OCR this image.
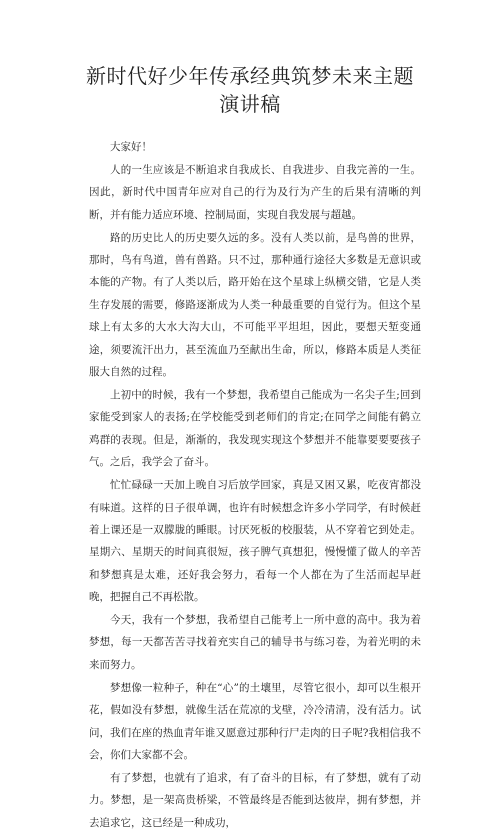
新时代好少年传承经典筑梦未来主题
演讲稿

大家好！

人的一生应该是不断追求自我成长、自我进步、自我完善的一生。因此，新时代中国青年应对自己的行为及行为产生的后果有清晰的判断，并有能力适应环境、控制局面，实现自我发展与超越。

路的历史比人的历史要久远的多。没有人类以前，是鸟兽的世界，那时，鸟有鸟道，兽有兽路。只不过，那种通行途径大多数是无意识或本能的产物。有了人类以后，路开始在这个星球上纵横交错，它是人类生存发展的需要，修路逐渐成为人类一种最重要的自觉行为。但这个星球上有太多的大水大沟大山，不可能平平坦坦，因此，要想天堑变通途，须要流汗出力，甚至流血乃至献出生命，所以，修路本质是人类征服大自然的过程。

上初中的时候，我有一个梦想，我希望自己能成为一名尖子生;回到家能受到家人的表扬;在学校能受到老师们的肯定;在同学之间能有鹤立鸡群的表现。但是，渐渐的，我发现实现这个梦想并不能靠要要要孩子气。之后，我学会了奋斗。

忙忙碌碌一天加上晚自习后放学回家，真是又困又累，吃夜宵都没有味道。这样的日子很单调，也许有时候想念许多小学同学，有时候赶着上课还是一双朦胧的睡眼。讨厌死板的校服装，从不穿着它到处走。星期六、星期天的时间真很短，孩子脾气真想犯，慢慢懂了做人的辛苦和梦想真是太难，还好我会努力，看每一个人都在为了生活而起早赶晚，把握自己不再松散。

今天，我有一个梦想，我希望自己能考上一所中意的高中。我为着梦想，每一天都苦苦寻找着充实自己的辅导书与练习卷，为着光明的未来而努力。

梦想像一粒种子，种在“心”的土壤里，尽管它很小，却可以生根开花，假如没有梦想，就像生活在荒凉的戈壁，冷冷清清，没有活力。试问，我们在座的热血青年谁又愿意过那种行尸走肉的日子呢?我相信我不会，你们大家都不会。

有了梦想，也就有了追求，有了奋斗的目标，有了梦想，就有了动力。梦想，是一架高贵桥梁，不管最终是否能到达彼岸，拥有梦想，并去追求它，这已经是一种成功，
